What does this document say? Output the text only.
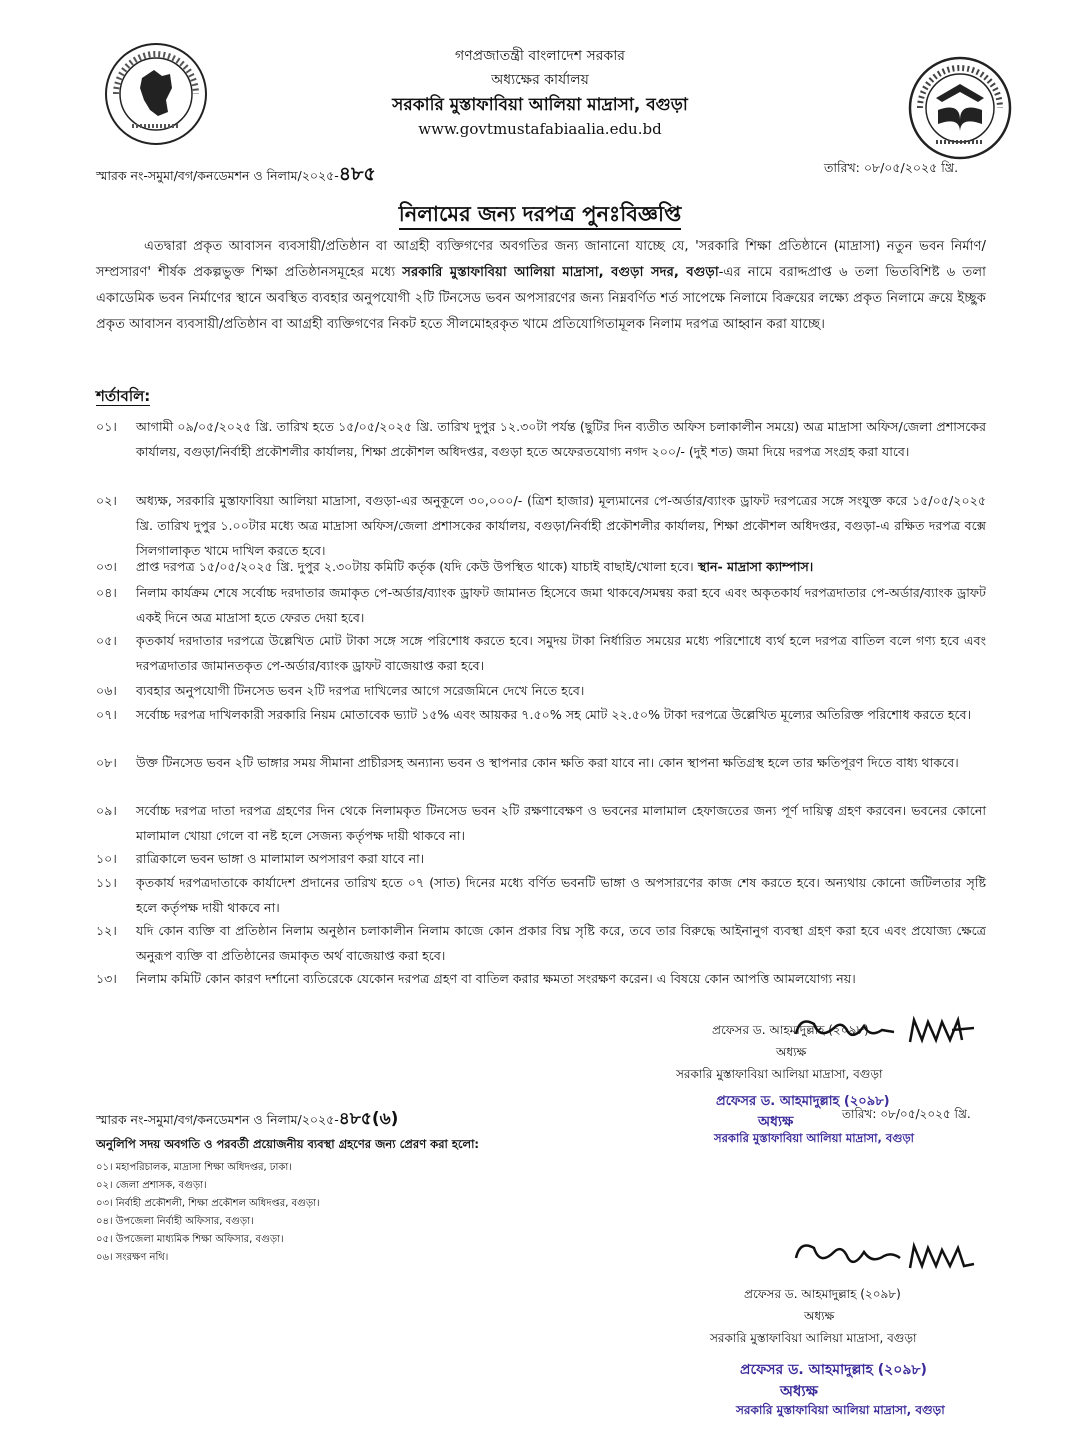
গণপ্রজাতন্ত্রী বাংলাদেশ সরকার
অধ্যক্ষের কার্যালয়
সরকারি মুস্তাফাবিয়া আলিয়া মাদ্রাসা, বগুড়া
www.govtmustafabiaalia.edu.bd
স্মারক নং-সমুমা/বগ/কনডেমশন ও নিলাম/২০২৫-৪৮৫	তারিখ: ০৮/০৫/২০২৫ খ্রি.
নিলামের জন্য দরপত্র পুনঃবিজ্ঞপ্তি
এতদ্বারা প্রকৃত আবাসন ব্যবসায়ী/প্রতিষ্ঠান বা আগ্রহী ব্যক্তিগণের অবগতির জন্য জানানো যাচ্ছে যে, 'সরকারি শিক্ষা প্রতিষ্ঠানে (মাদ্রাসা) নতুন ভবন নির্মাণ/সম্প্রসারণ' শীর্ষক প্রকল্পভুক্ত শিক্ষা প্রতিষ্ঠানসমূহের মধ্যে সরকারি মুস্তাফাবিয়া আলিয়া মাদ্রাসা, বগুড়া সদর, বগুড়া-এর নামে বরাদ্দপ্রাপ্ত ৬ তলা ভিতবিশিষ্ট ৬ তলা একাডেমিক ভবন নির্মাণের স্থানে অবস্থিত ব্যবহার অনুপযোগী ২টি টিনসেড ভবন অপসারণের জন্য নিম্নবর্ণিত শর্ত সাপেক্ষে নিলামে বিক্রয়ের লক্ষ্যে প্রকৃত নিলামে ক্রয়ে ইচ্ছুক প্রকৃত আবাসন ব্যবসায়ী/প্রতিষ্ঠান বা আগ্রহী ব্যক্তিগণের নিকট হতে সীলমোহরকৃত খামে প্রতিযোগিতামূলক নিলাম দরপত্র আহ্বান করা যাচ্ছে।
শর্তাবলি:
০১।	আগামী ০৯/০৫/২০২৫ খ্রি. তারিখ হতে ১৫/০৫/২০২৫ খ্রি. তারিখ দুপুর ১২.৩০টা পর্যন্ত (ছুটির দিন ব্যতীত অফিস চলাকালীন সময়ে) অত্র মাদ্রাসা অফিস/জেলা প্রশাসকের কার্যালয়, বগুড়া/নির্বাহী প্রকৌশলীর কার্যালয়, শিক্ষা প্রকৌশল অধিদপ্তর, বগুড়া হতে অফেরতযোগ্য নগদ ২০০/- (দুই শত) জমা দিয়ে দরপত্র সংগ্রহ করা যাবে।
০২।	অধ্যক্ষ, সরকারি মুস্তাফাবিয়া আলিয়া মাদ্রাসা, বগুড়া-এর অনুকূলে ৩০,০০০/- (ত্রিশ হাজার) মূল্যমানের পে-অর্ডার/ব্যাংক ড্রাফট দরপত্রের সঙ্গে সংযুক্ত করে ১৫/০৫/২০২৫ খ্রি. তারিখ দুপুর ১.০০টার মধ্যে অত্র মাদ্রাসা অফিস/জেলা প্রশাসকের কার্যালয়, বগুড়া/নির্বাহী প্রকৌশলীর কার্যালয়, শিক্ষা প্রকৌশল অধিদপ্তর, বগুড়া-এ রক্ষিত দরপত্র বক্সে সিলগালাকৃত খামে দাখিল করতে হবে।
০৩।	প্রাপ্ত দরপত্র ১৫/০৫/২০২৫ খ্রি. দুপুর ২.৩০টায় কমিটি কর্তৃক (যদি কেউ উপস্থিত থাকে) যাচাই বাছাই/খোলা হবে। স্থান- মাদ্রাসা ক্যাম্পাস।
০৪।	নিলাম কার্যক্রম শেষে সর্বোচ্চ দরদাতার জমাকৃত পে-অর্ডার/ব্যাংক ড্রাফট জামানত হিসেবে জমা থাকবে/সমন্বয় করা হবে এবং অকৃতকার্য দরপত্রদাতার পে-অর্ডার/ব্যাংক ড্রাফট একই দিনে অত্র মাদ্রাসা হতে ফেরত দেয়া হবে।
০৫।	কৃতকার্য দরদাতার দরপত্রে উল্লেখিত মোট টাকা সঙ্গে সঙ্গে পরিশোধ করতে হবে। সমুদয় টাকা নির্ধারিত সময়ের মধ্যে পরিশোধে ব্যর্থ হলে দরপত্র বাতিল বলে গণ্য হবে এবং দরপত্রদাতার জামানতকৃত পে-অর্ডার/ব্যাংক ড্রাফট বাজেয়াপ্ত করা হবে।
০৬।	ব্যবহার অনুপযোগী টিনসেড ভবন ২টি দরপত্র দাখিলের আগে সরেজমিনে দেখে নিতে হবে।
০৭।	সর্বোচ্চ দরপত্র দাখিলকারী সরকারি নিয়ম মোতাবেক ভ্যাট ১৫% এবং আয়কর ৭.৫০% সহ মোট ২২.৫০% টাকা দরপত্রে উল্লেখিত মূল্যের অতিরিক্ত পরিশোধ করতে হবে।
০৮।	উক্ত টিনসেড ভবন ২টি ভাঙ্গার সময় সীমানা প্রাচীরসহ অন্যান্য ভবন ও স্থাপনার কোন ক্ষতি করা যাবে না। কোন স্থাপনা ক্ষতিগ্রস্থ হলে তার ক্ষতিপূরণ দিতে বাধ্য থাকবে।
০৯।	সর্বোচ্চ দরপত্র দাতা দরপত্র গ্রহণের দিন থেকে নিলামকৃত টিনসেড ভবন ২টি রক্ষণাবেক্ষণ ও ভবনের মালামাল হেফাজতের জন্য পূর্ণ দায়িত্ব গ্রহণ করবেন। ভবনের কোনো মালামাল খোয়া গেলে বা নষ্ট হলে সেজন্য কর্তৃপক্ষ দায়ী থাকবে না।
১০।	রাত্রিকালে ভবন ভাঙ্গা ও মালামাল অপসারণ করা যাবে না।
১১।	কৃতকার্য দরপত্রদাতাকে কার্যাদেশ প্রদানের তারিখ হতে ০৭ (সাত) দিনের মধ্যে বর্ণিত ভবনটি ভাঙ্গা ও অপসারণের কাজ শেষ করতে হবে। অন্যথায় কোনো জটিলতার সৃষ্টি হলে কর্তৃপক্ষ দায়ী থাকবে না।
১২।	যদি কোন ব্যক্তি বা প্রতিষ্ঠান নিলাম অনুষ্ঠান চলাকালীন নিলাম কাজে কোন প্রকার বিঘ্ন সৃষ্টি করে, তবে তার বিরুদ্ধে আইনানুগ ব্যবস্থা গ্রহণ করা হবে এবং প্রযোজ্য ক্ষেত্রে অনুরূপ ব্যক্তি বা প্রতিষ্ঠানের জমাকৃত অর্থ বাজেয়াপ্ত করা হবে।
১৩।	নিলাম কমিটি কোন কারণ দর্শানো ব্যতিরেকে যেকোন দরপত্র গ্রহণ বা বাতিল করার ক্ষমতা সংরক্ষণ করেন। এ বিষয়ে কোন আপত্তি আমলযোগ্য নয়।
প্রফেসর ড. আহমাদুল্লাহ (২০৯৮)
অধ্যক্ষ
সরকারি মুস্তাফাবিয়া আলিয়া মাদ্রাসা, বগুড়া
প্রফেসর ড. আহমাদুল্লাহ (২০৯৮)
অধ্যক্ষ
সরকারি মুস্তাফাবিয়া আলিয়া মাদ্রাসা, বগুড়া
স্মারক নং-সমুমা/বগ/কনডেমশন ও নিলাম/২০২৫-৪৮৫(৬)	তারিখ: ০৮/০৫/২০২৫ খ্রি.
অনুলিপি সদয় অবগতি ও পরবর্তী প্রয়োজনীয় ব্যবস্থা গ্রহণের জন্য প্রেরণ করা হলো:
০১। মহাপরিচালক, মাদ্রাসা শিক্ষা অধিদপ্তর, ঢাকা।
০২। জেলা প্রশাসক, বগুড়া।
০৩। নির্বাহী প্রকৌশলী, শিক্ষা প্রকৌশল অধিদপ্তর, বগুড়া।
০৪। উপজেলা নির্বাহী অফিসার, বগুড়া।
০৫। উপজেলা মাধ্যমিক শিক্ষা অফিসার, বগুড়া।
০৬। সংরক্ষণ নথি।
প্রফেসর ড. আহমাদুল্লাহ (২০৯৮)
অধ্যক্ষ
সরকারি মুস্তাফাবিয়া আলিয়া মাদ্রাসা, বগুড়া
প্রফেসর ড. আহমাদুল্লাহ (২০৯৮)
অধ্যক্ষ
সরকারি মুস্তাফাবিয়া আলিয়া মাদ্রাসা, বগুড়া
